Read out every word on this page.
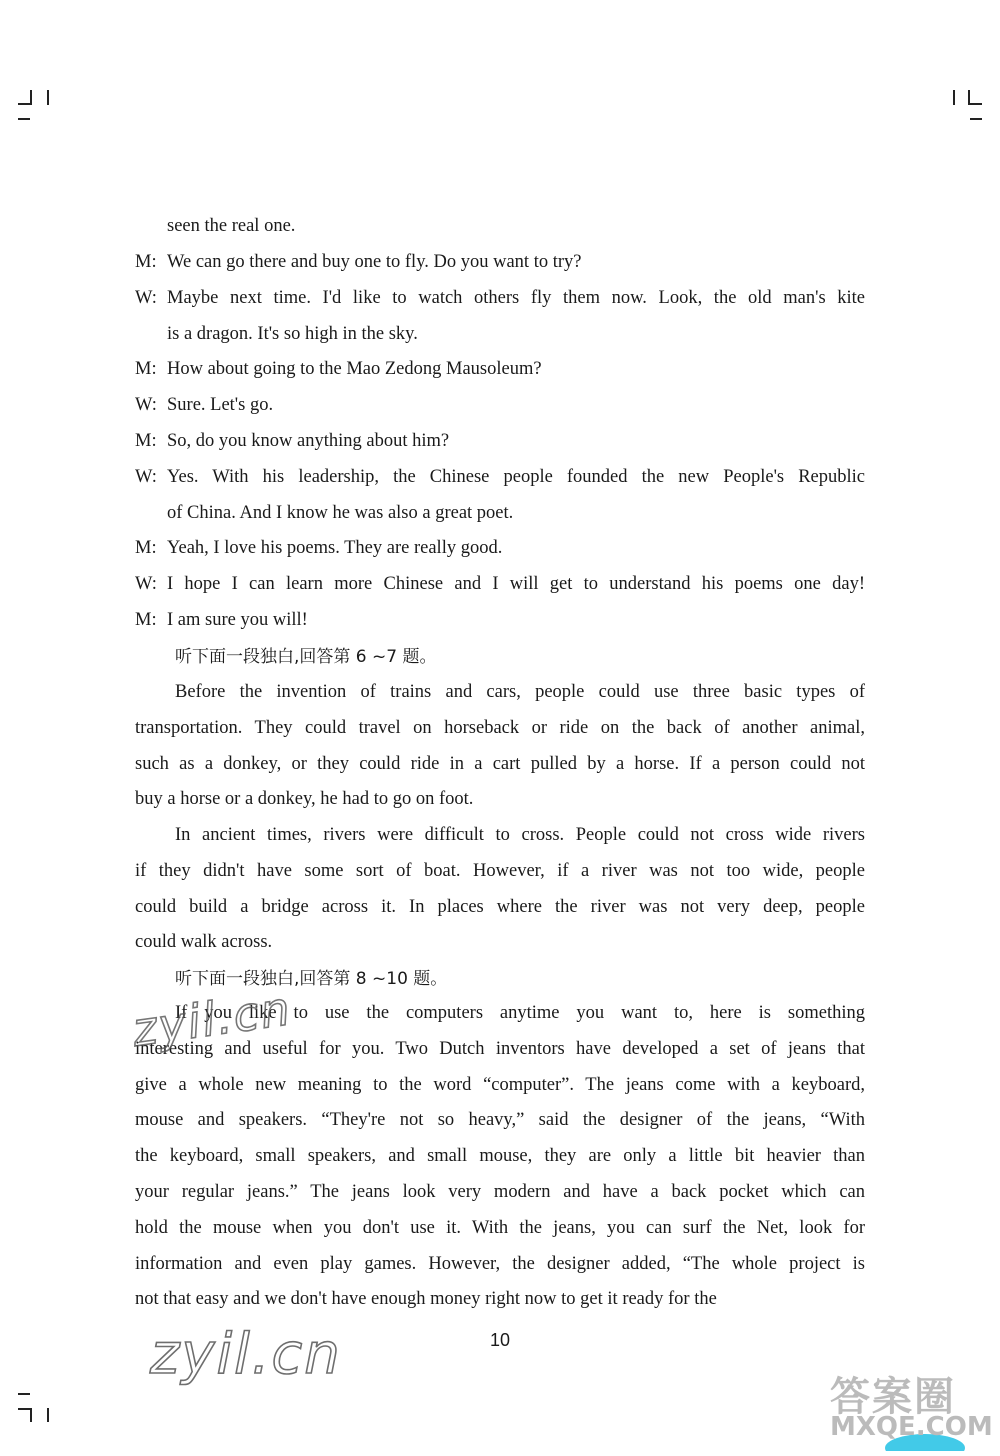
seen the real one.
M: We can go there and buy one to fly. Do you want to try?
W: Maybe next time. I'd like to watch others fly them now. Look, the old man's kite
is a dragon. It's so high in the sky.
M: How about going to the Mao Zedong Mausoleum?
W: Sure. Let's go.
M: So, do you know anything about him?
W: Yes. With his leadership, the Chinese people founded the new People's Republic
of China. And I know he was also a great poet.
M: Yeah, I love his poems. They are really good.
W: I hope I can learn more Chinese and I will get to understand his poems one day!
M: I am sure you will!
听下面一段独白,回答第 6 ~7 题。
Before the invention of trains and cars, people could use three basic types of
transportation. They could travel on horseback or ride on the back of another animal,
such as a donkey, or they could ride in a cart pulled by a horse. If a person could not
buy a horse or a donkey, he had to go on foot.
In ancient times, rivers were difficult to cross. People could not cross wide rivers
if they didn't have some sort of boat. However, if a river was not too wide, people
could build a bridge across it. In places where the river was not very deep, people
could walk across.
听下面一段独白,回答第 8 ~10 题。
If you like to use the computers anytime you want to, here is something
interesting and useful for you. Two Dutch inventors have developed a set of jeans that
give a whole new meaning to the word “computer”. The jeans come with a keyboard,
mouse and speakers. “They're not so heavy,” said the designer of the jeans, “With
the keyboard, small speakers, and small mouse, they are only a little bit heavier than
your regular jeans.” The jeans look very modern and have a back pocket which can
hold the mouse when you don't use it. With the jeans, you can surf the Net, look for
information and even play games. However, the designer added, “The whole project is
not that easy and we don't have enough money right now to get it ready for the
10
zyil.cn
zyil.cn
答案圈
MXQE.COM
